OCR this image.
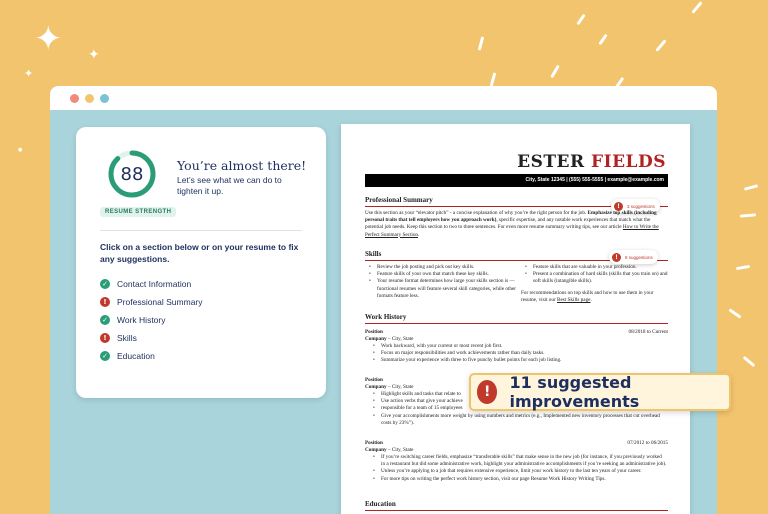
✦ ✦
✦
●
88
RESUME STRENGTH
You’re almost there!
Let’s see what we can do to tighten it up.
Click on a section below or on your resume to fix any suggestions.
✓ Contact Information
!	Professional Summary
✓ Work History
!	Skills
✓ Education
ESTER FIELDS
City, State 12345 | (555) 555-5555 | example@example.com
Professional Summary
!	3 suggestions
Use this section as your “elevator pitch” - a concise explanation of why you’re the right person for the job. Emphasize top skills (including personal traits that tell employers how you approach work), specific expertise, and any notable work experiences that match what the potential job needs. Keep this section to two to three sentences. For even more resume summary writing tips, see our article How to Write the Perfect Summary Section.
Skills	!	8 suggestions
• Review the job posting and pick out key skills.
• Feature skills of your own that match these key skills.
• Your resume format determines how large your skills section is — functional resumes will feature several skill categories, while other formats feature less.
• Feature skills that are valuable in your profession.
• Present a combination of hard skills (skills that you train on) and soft skills (intangible skills).
For recommendations on top skills and how to use them in your resume, visit our Best Skills page.
Work History
Position	08/2018 to Current
Company – City, State
• Work backward, with your current or most recent job first.
• Focus on major responsibilities and work achievements rather than daily tasks.
• Summarize your experience with three to five punchy bullet points for each job listing.
Position
Company – City, State
• Highlight skills and tasks that relate to
• Use action verbs that give your achieve
• responsible for a team of 15 employees
• Give your accomplishments more weight by using numbers and metrics (e.g., Implemented new inventory processes that cut overhead costs by 23%”).
Position	07/2012 to 06/2015
Company – City, State
• If you’re switching career fields, emphasize “transferable skills” that make sense in the new job (for instance, if you previously worked in a restaurant but did some administrative work, highlight your administrative accomplishments if you’re seeking an administrative job).
• Unless you’re applying to a job that requires extensive experience, limit your work history to the last ten years of your career.
• For more tips on writing the perfect work history section, visit our page Resume Work History Writing Tips.
Education
!	11 suggested improvements
